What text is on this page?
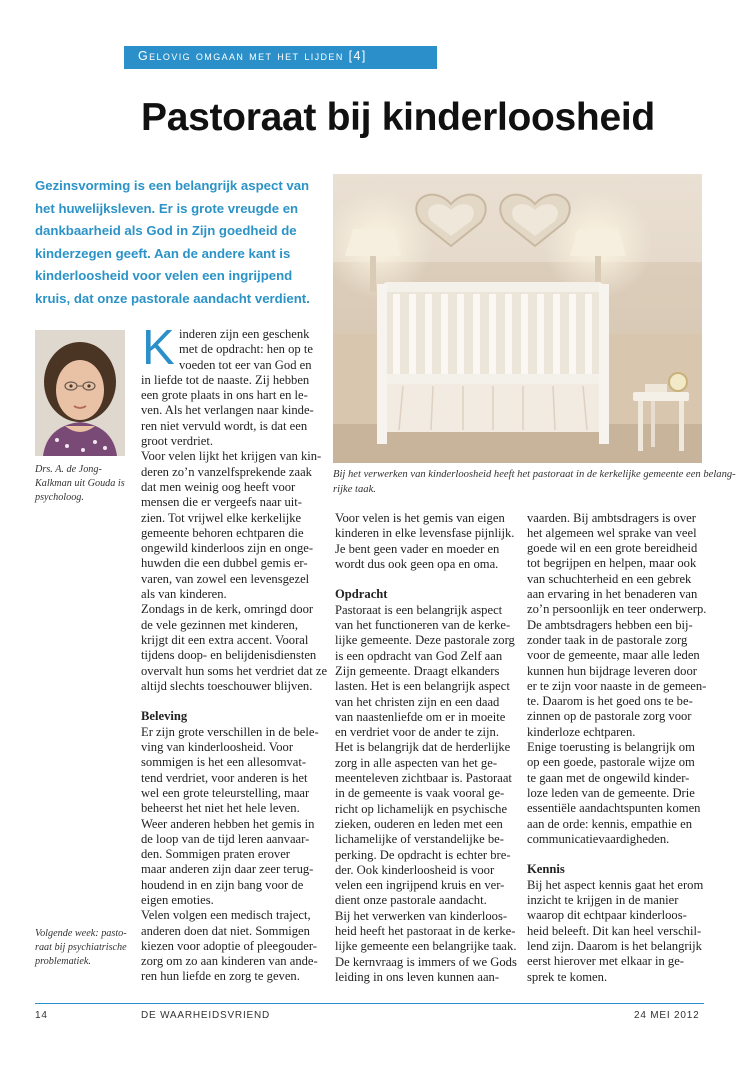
Gelovig omgaan met het lijden [4]
Pastoraat bij kinderloosheid
Gezinsvorming is een belangrijk aspect van
het huwelijksleven. Er is grote vreugde en
dankbaarheid als God in Zijn goedheid de
kinderzegen geeft. Aan de andere kant is
kinderloosheid voor velen een ingrijpend
kruis, dat onze pastorale aandacht verdient.
Bij het verwerken van kinderloosheid heeft het pastoraat in de kerkelijke gemeente een belang-
rijke taak.
Drs. A. de Jong-
Kalkman uit Gouda is
psycholoog.
Volgende week: pasto-
raat bij psychiatrische
problematiek.
K inderen zijn een geschenk
met de opdracht: hen op te
voeden tot eer van God en
in liefde tot de naaste. Zij hebben
een grote plaats in ons hart en le-
ven. Als het verlangen naar kinde-
ren niet vervuld wordt, is dat een
groot verdriet.
Voor velen lijkt het krijgen van kin-
deren zo’n vanzelfsprekende zaak
dat men weinig oog heeft voor
mensen die er vergeefs naar uit-
zien. Tot vrijwel elke kerkelijke
gemeente behoren echtparen die
ongewild kinderloos zijn en onge-
huwden die een dubbel gemis er-
varen, van zowel een levensgezel
als van kinderen.
Zondags in de kerk, omringd door
de vele gezinnen met kinderen,
krijgt dit een extra accent. Vooral
tijdens doop- en belijdenisdiensten
overvalt hun soms het verdriet dat ze
altijd slechts toeschouwer blijven.
Beleving
Er zijn grote verschillen in de bele-
ving van kinderloosheid. Voor
sommigen is het een allesomvat-
tend verdriet, voor anderen is het
wel een grote teleurstelling, maar
beheerst het niet het hele leven.
Weer anderen hebben het gemis in
de loop van de tijd leren aanvaar-
den. Sommigen praten erover
maar anderen zijn daar zeer terug-
houdend in en zijn bang voor de
eigen emoties.
Velen volgen een medisch traject,
anderen doen dat niet. Sommigen
kiezen voor adoptie of pleegouder-
zorg om zo aan kinderen van ande-
ren hun liefde en zorg te geven.
Voor velen is het gemis van eigen
kinderen in elke levensfase pijnlijk.
Je bent geen vader en moeder en
wordt dus ook geen opa en oma.
Opdracht
Pastoraat is een belangrijk aspect
van het functioneren van de kerke-
lijke gemeente. Deze pastorale zorg
is een opdracht van God Zelf aan
Zijn gemeente. Draagt elkanders
lasten. Het is een belangrijk aspect
van het christen zijn en een daad
van naastenliefde om er in moeite
en verdriet voor de ander te zijn.
Het is belangrijk dat de herderlijke
zorg in alle aspecten van het ge-
meenteleven zichtbaar is. Pastoraat
in de gemeente is vaak vooral ge-
richt op lichamelijk en psychische
zieken, ouderen en leden met een
lichamelijke of verstandelijke be-
perking. De opdracht is echter bre-
der. Ook kinderloosheid is voor
velen een ingrijpend kruis en ver-
dient onze pastorale aandacht.
Bij het verwerken van kinderloos-
heid heeft het pastoraat in de kerke-
lijke gemeente een belangrijke taak.
De kernvraag is immers of we Gods
leiding in ons leven kunnen aan-
vaarden. Bij ambtsdragers is over
het algemeen wel sprake van veel
goede wil en een grote bereidheid
tot begrijpen en helpen, maar ook
van schuchterheid en een gebrek
aan ervaring in het benaderen van
zo’n persoonlijk en teer onderwerp.
De ambtsdragers hebben een bij-
zonder taak in de pastorale zorg
voor de gemeente, maar alle leden
kunnen hun bijdrage leveren door
er te zijn voor naaste in de gemeen-
te. Daarom is het goed ons te be-
zinnen op de pastorale zorg voor
kinderloze echtparen.
Enige toerusting is belangrijk om
op een goede, pastorale wijze om
te gaan met de ongewild kinder-
loze leden van de gemeente. Drie
essentiële aandachtspunten komen
aan de orde: kennis, empathie en
communicatievaardigheden.
Kennis
Bij het aspect kennis gaat het erom
inzicht te krijgen in de manier
waarop dit echtpaar kinderloos-
heid beleeft. Dit kan heel verschil-
lend zijn. Daarom is het belangrijk
eerst hierover met elkaar in ge-
sprek te komen.
14	DE WAARHEIDSVRIEND	24 MEI 2012
